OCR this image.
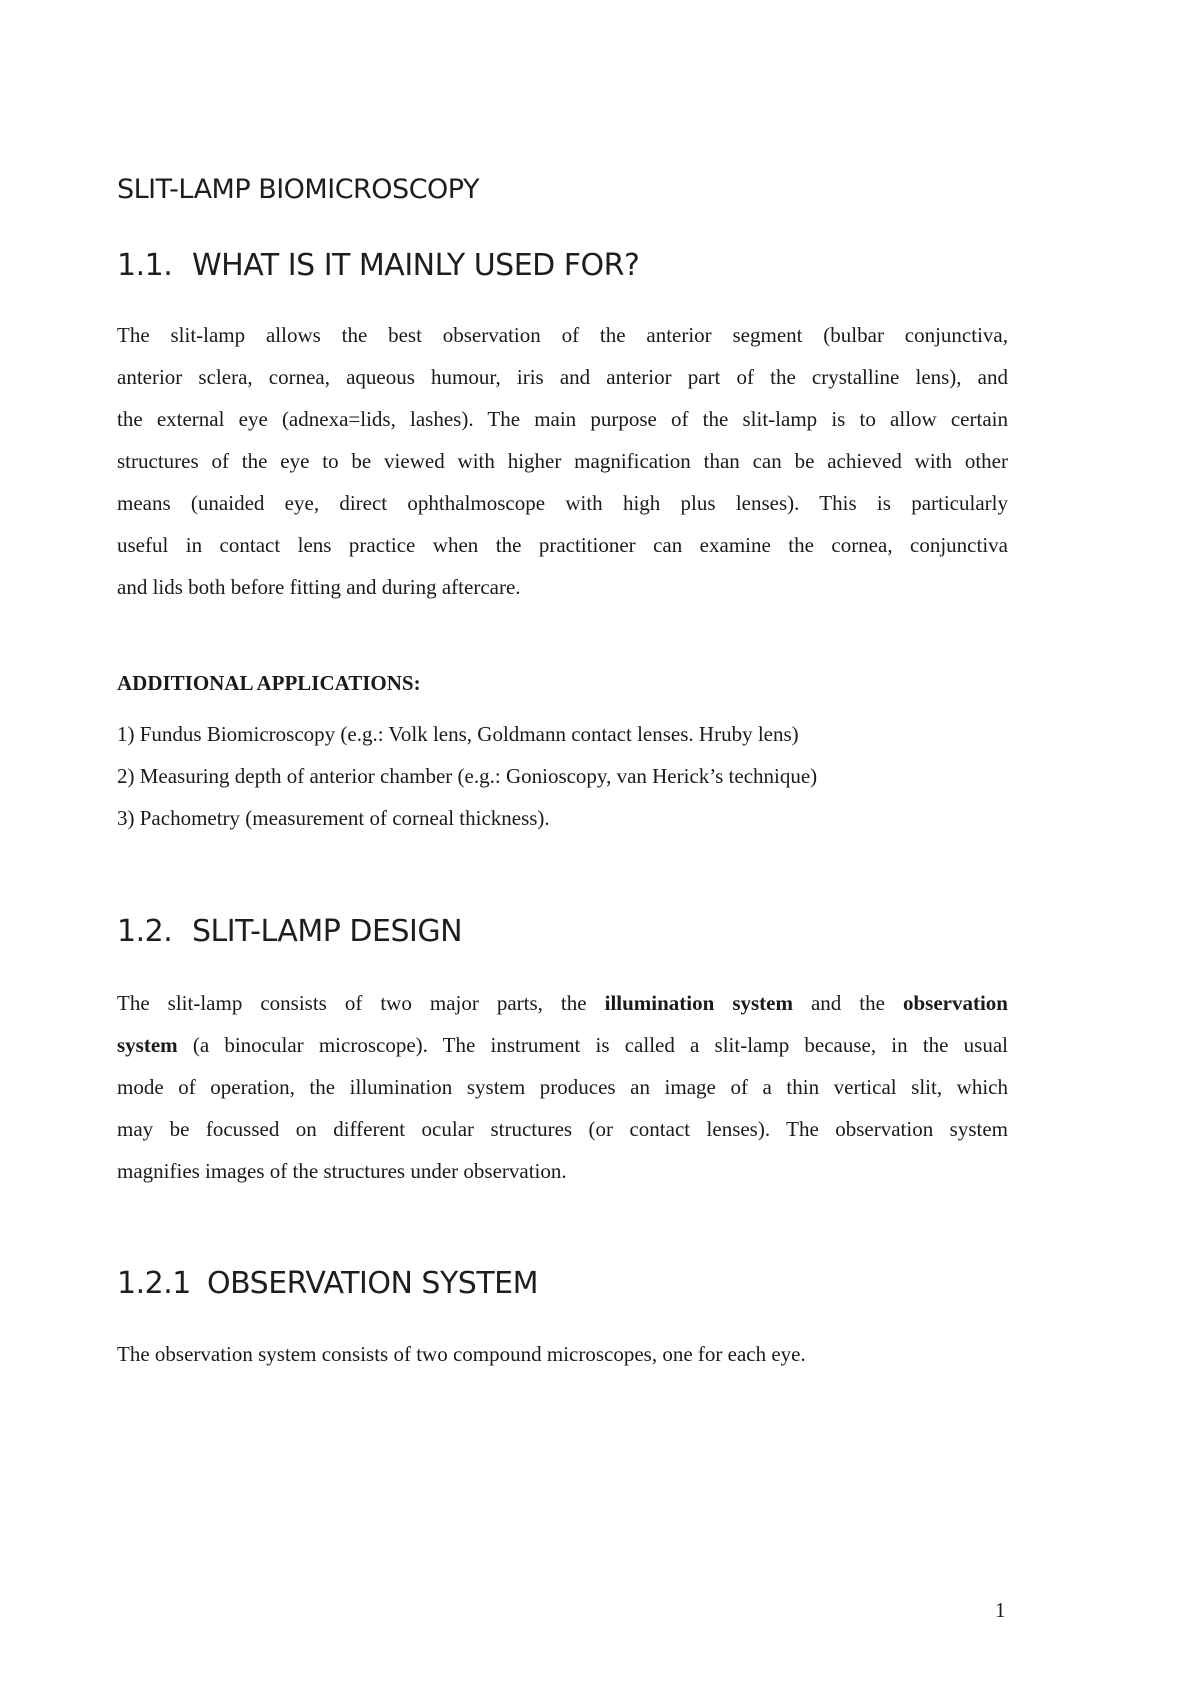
SLIT-LAMP BIOMICROSCOPY
1.1. WHAT IS IT MAINLY USED FOR?

The slit-lamp allows the best observation of the anterior segment (bulbar conjunctiva,
anterior sclera, cornea, aqueous humour, iris and anterior part of the crystalline lens), and
the external eye (adnexa=lids, lashes). The main purpose of the slit-lamp is to allow certain
structures of the eye to be viewed with higher magnification than can be achieved with other
means (unaided eye, direct ophthalmoscope with high plus lenses). This is particularly
useful in contact lens practice when the practitioner can examine the cornea, conjunctiva
and lids both before fitting and during aftercare.

ADDITIONAL APPLICATIONS:
1) Fundus Biomicroscopy (e.g.: Volk lens, Goldmann contact lenses. Hruby lens)
2) Measuring depth of anterior chamber (e.g.: Gonioscopy, van Herick’s technique)
3) Pachometry (measurement of corneal thickness).
1.2. SLIT-LAMP DESIGN

The slit-lamp consists of two major parts, the illumination system and the observation
system (a binocular microscope). The instrument is called a slit-lamp because, in the usual
mode of operation, the illumination system produces an image of a thin vertical slit, which
may be focussed on different ocular structures (or contact lenses). The observation system
magnifies images of the structures under observation.

1.2.1 OBSERVATION SYSTEM

The observation system consists of two compound microscopes, one for each eye.

1
